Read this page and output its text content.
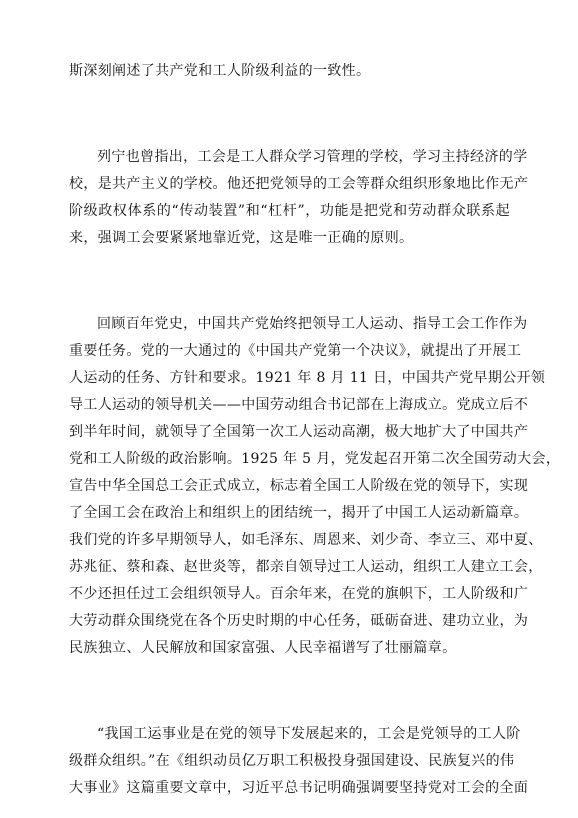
斯深刻阐述了共产党和工人阶级利益的一致性。
列宁也曾指出，工会是工人群众学习管理的学校，学习主持经济的学
校，是共产主义的学校。他还把党领导的工会等群众组织形象地比作无产
阶级政权体系的“传动装置”和“杠杆”，功能是把党和劳动群众联系起
来，强调工会要紧紧地靠近党，这是唯一正确的原则。
回顾百年党史，中国共产党始终把领导工人运动、指导工会工作作为
重要任务。党的一大通过的《中国共产党第一个决议》，就提出了开展工
人运动的任务、方针和要求。1921 年 8 月 11 日，中国共产党早期公开领
导工人运动的领导机关——中国劳动组合书记部在上海成立。党成立后不
到半年时间，就领导了全国第一次工人运动高潮，极大地扩大了中国共产
党和工人阶级的政治影响。1925 年 5 月，党发起召开第二次全国劳动大会，
宣告中华全国总工会正式成立，标志着全国工人阶级在党的领导下，实现
了全国工会在政治上和组织上的团结统一，揭开了中国工人运动新篇章。
我们党的许多早期领导人，如毛泽东、周恩来、刘少奇、李立三、邓中夏、
苏兆征、蔡和森、赵世炎等，都亲自领导过工人运动，组织工人建立工会，
不少还担任过工会组织领导人。百余年来，在党的旗帜下，工人阶级和广
大劳动群众围绕党在各个历史时期的中心任务，砥砺奋进、建功立业，为
民族独立、人民解放和国家富强、人民幸福谱写了壮丽篇章。
“我国工运事业是在党的领导下发展起来的，工会是党领导的工人阶
级群众组织。”在《组织动员亿万职工积极投身强国建设、民族复兴的伟
大事业》这篇重要文章中，习近平总书记明确强调要坚持党对工会的全面
